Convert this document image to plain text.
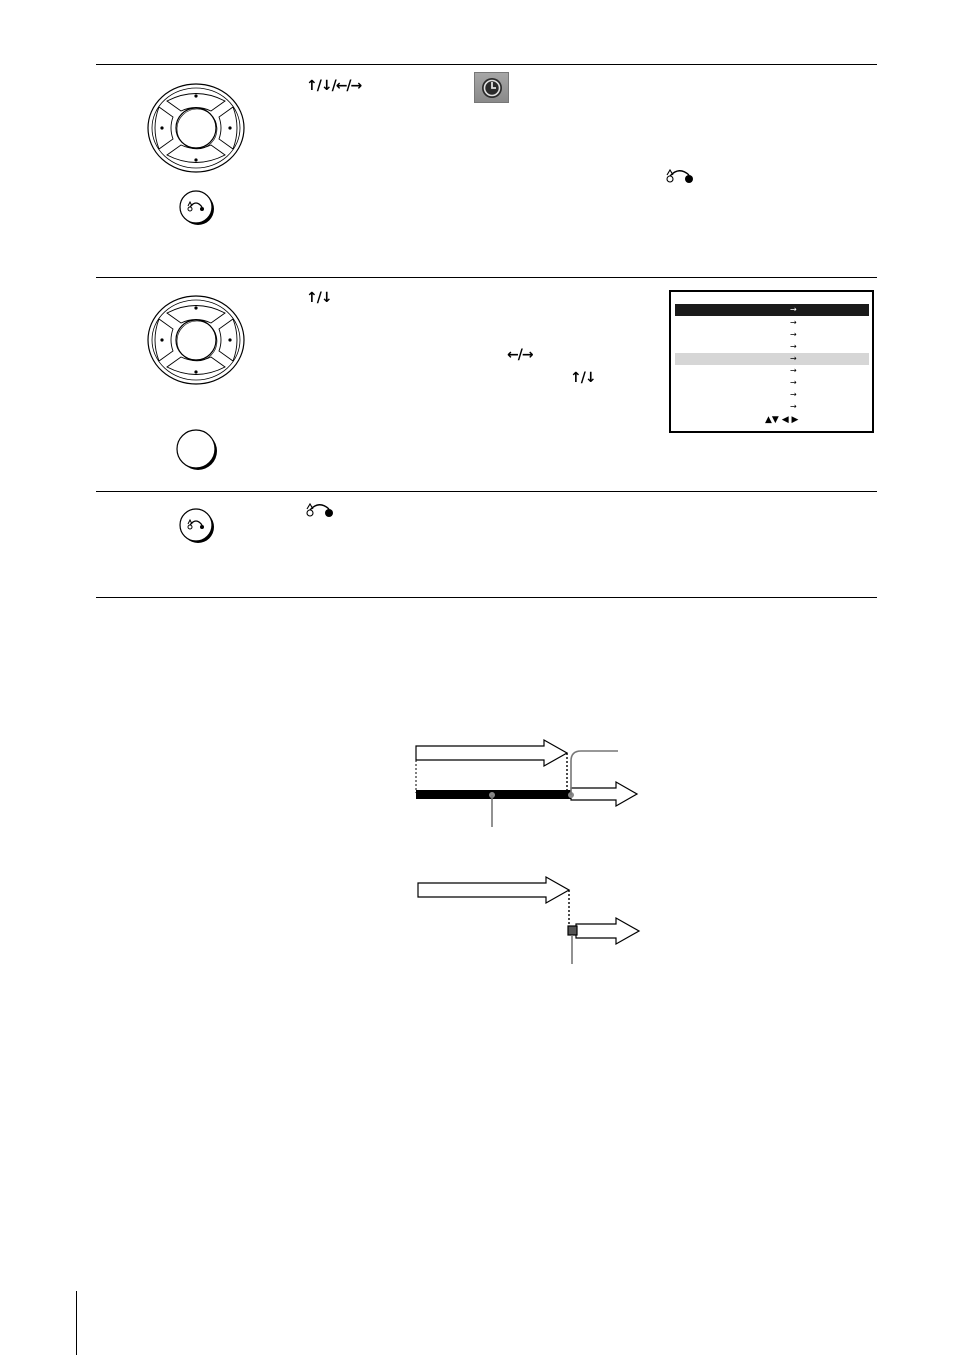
↑/↓/←/→
↑/↓
←/→
↑/↓
→
→
→
→
→
→
→
→
→
▲▼ ◀ ▶
